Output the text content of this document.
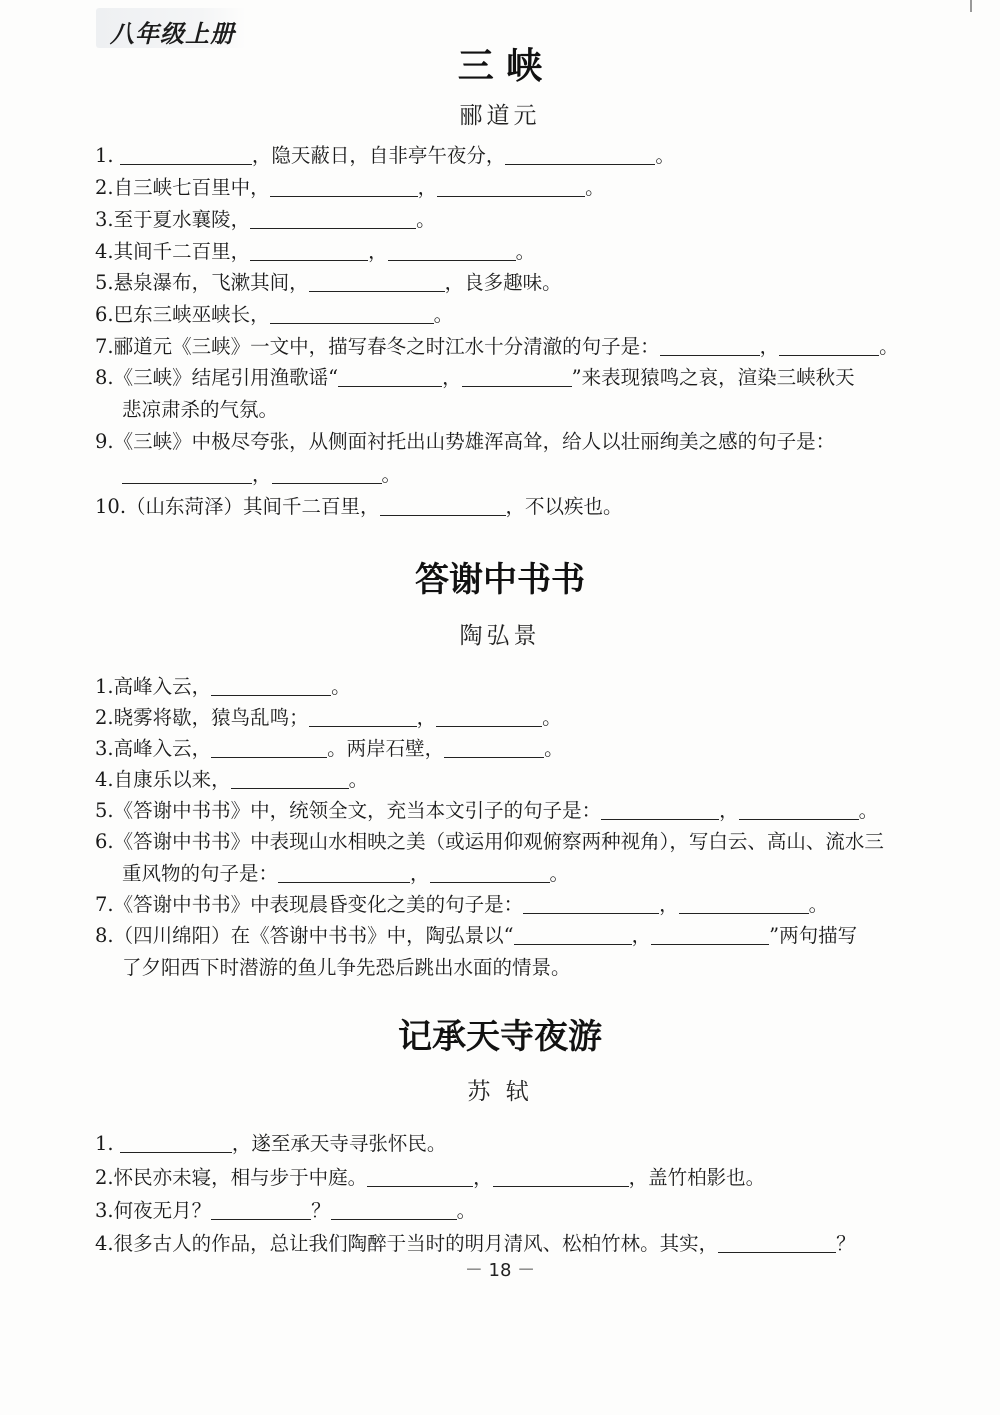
八年级上册
三 峡
郦道元
1.	，隐天蔽日，自非亭午夜分，	。
2.自三峡七百里中，	，	。
3.至于夏水襄陵，	。
4.其间千二百里，	，	。
5.悬泉瀑布，飞漱其间，	，良多趣味。
6.巴东三峡巫峡长，	。
7.郦道元《三峡》一文中，描写春冬之时江水十分清澈的句子是：	，	。
8.《三峡》结尾引用渔歌谣“	，	”来表现猿鸣之哀，渲染三峡秋天
悲凉肃杀的气氛。
9.《三峡》中极尽夸张，从侧面衬托出山势雄浑高耸，给人以壮丽绚美之感的句子是：
，	。
10.（山东菏泽）其间千二百里，	，不以疾也。
答谢中书书
陶弘景
1.高峰入云，	。
2.晓雾将歇，猿鸟乱鸣；	，	。
3.高峰入云，	。两岸石壁，	。
4.自康乐以来，	。
5.《答谢中书书》中，统领全文，充当本文引子的句子是：	，	。
6.《答谢中书书》中表现山水相映之美（或运用仰观俯察两种视角），写白云、高山、流水三
重风物的句子是：	，	。
7.《答谢中书书》中表现晨昏变化之美的句子是：	，	。
8.（四川绵阳）在《答谢中书书》中，陶弘景以“	，	”两句描写
了夕阳西下时潜游的鱼儿争先恐后跳出水面的情景。
记承天寺夜游
苏 轼
1.	，遂至承天寺寻张怀民。
2.怀民亦未寝，相与步于中庭。	，	，盖竹柏影也。
3.何夜无月？	？	。
4.很多古人的作品，总让我们陶醉于当时的明月清风、松柏竹林。其实，	？
－ 18 －
